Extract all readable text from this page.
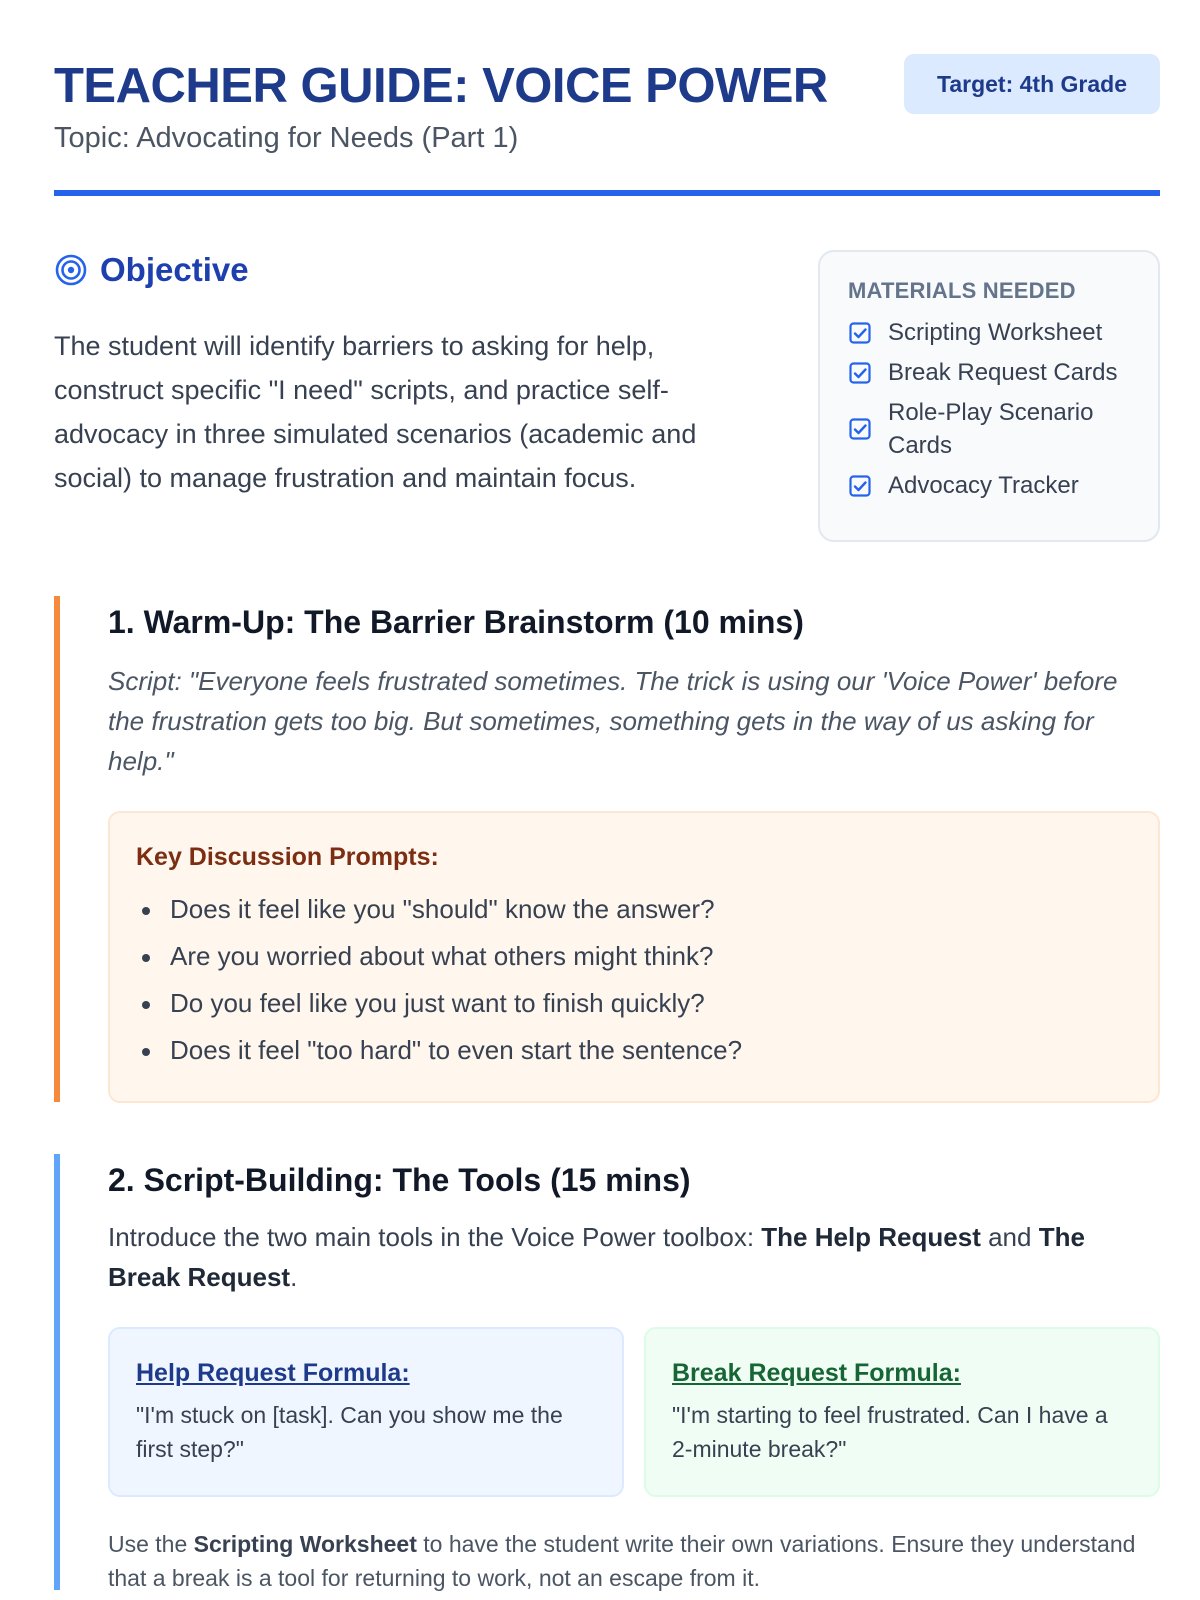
TEACHER GUIDE: VOICE POWER
Topic: Advocating for Needs (Part 1)
Target: 4th Grade
Objective

The student will identify barriers to asking for help, construct specific "I need" scripts, and practice self-advocacy in three simulated scenarios (academic and social) to manage frustration and maintain focus.

MATERIALS NEEDED
Scripting Worksheet
Break Request Cards
Role-Play Scenario Cards
Advocacy Tracker
1. Warm-Up: The Barrier Brainstorm (10 mins)

Script: "Everyone feels frustrated sometimes. The trick is using our 'Voice Power' before the frustration gets too big. But sometimes, something gets in the way of us asking for help."

Key Discussion Prompts:
Does it feel like you "should" know the answer?
Are you worried about what others might think?
Do you feel like you just want to finish quickly?
Does it feel "too hard" to even start the sentence?
2. Script-Building: The Tools (15 mins)

Introduce the two main tools in the Voice Power toolbox: The Help Request and The Break Request.

Help Request Formula:
"I'm stuck on [task]. Can you show me the first step?"
Break Request Formula:
"I'm starting to feel frustrated. Can I have a 2-minute break?"

Use the Scripting Worksheet to have the student write their own variations. Ensure they understand that a break is a tool for returning to work, not an escape from it.
